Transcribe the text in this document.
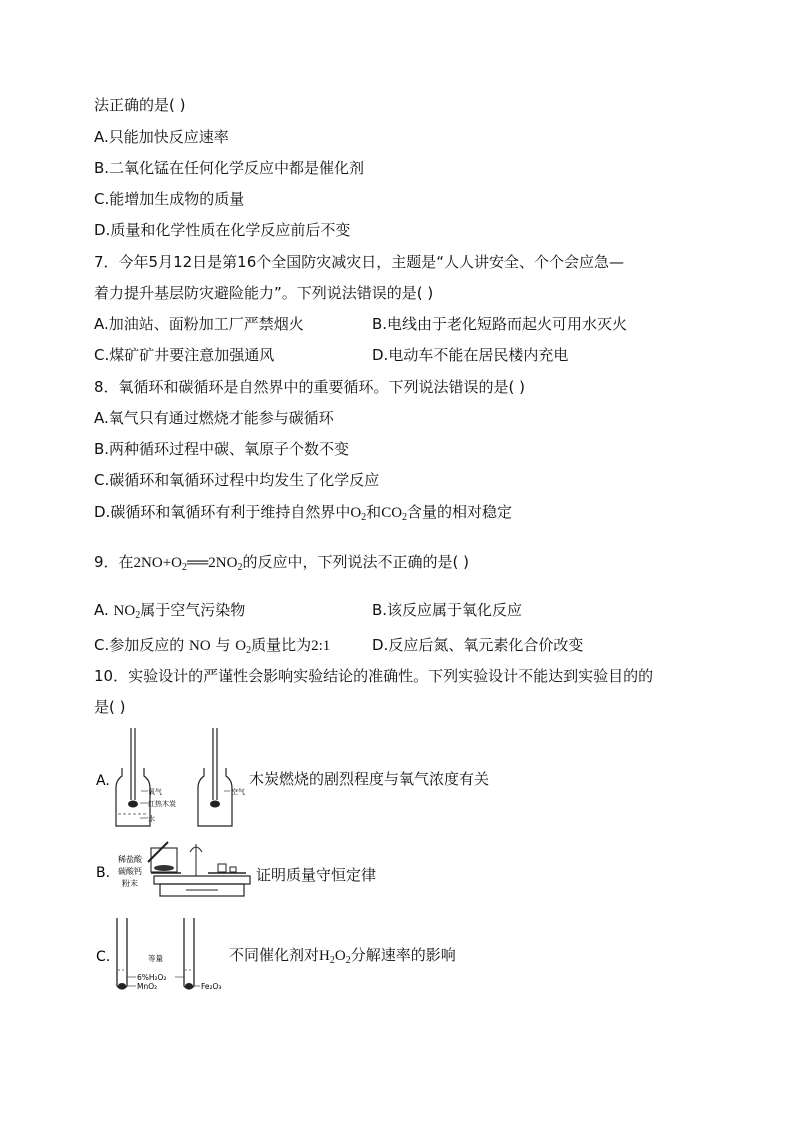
法正确的是( )
A.只能加快反应速率
B.二氧化锰在任何化学反应中都是催化剂
C.能增加生成物的质量
D.质量和化学性质在化学反应前后不变
7．今年5月12日是第16个全国防灾减灾日，主题是“人人讲安全、个个会应急—
着力提升基层防灾避险能力”。下列说法错误的是( )
A.加油站、面粉加工厂严禁烟火	B.电线由于老化短路而起火可用水灭火
C.煤矿矿井要注意加强通风	D.电动车不能在居民楼内充电
8．氧循环和碳循环是自然界中的重要循环。下列说法错误的是( )
A.氧气只有通过燃烧才能参与碳循环
B.两种循环过程中碳、氧原子个数不变
C.碳循环和氧循环过程中均发生了化学反应
D.碳循环和氧循环有利于维持自然界中$O_2$和$CO_2$含量的相对稳定
9．在$2NO+O_2══2NO_2$的反应中，下列说法不正确的是( )
A. $NO_2$属于空气污染物	B.该反应属于氧化反应
C.参加反应的 NO 与 $O_2$质量比为2:1	D.反应后氮、氧元素化合价改变
10．实验设计的严谨性会影响实验结论的准确性。下列实验设计不能达到实验目的的
是( )
A.
氧气
红热木炭
水
空气
木炭燃烧的剧烈程度与氧气浓度有关
B.
稀盐酸
碳酸钙
粉末	证明质量守恒定律
C.	等量
6%H₂O₂
MnO₂	Fe₂O₃
不同催化剂对$H_2O_2$分解速率的影响
